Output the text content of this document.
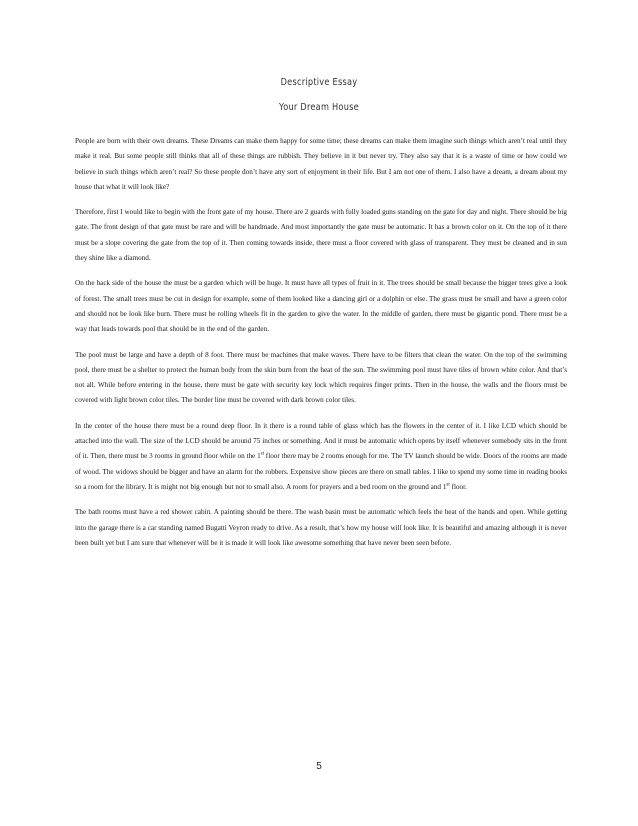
Descriptive Essay
Your Dream House

People are born with their own dreams. These Dreams can make them happy for some time; these dreams can make them imagine such things which aren’t real until they make it real. But some people still thinks that all of these things are rubbish. They believe in it but never try. They also say that it is a waste of time or how could we believe in such things which aren’t real? So these people don’t have any sort of enjoyment in their life. But I am not one of them. I also have a dream, a dream about my house that what it will look like?

Therefore, first I would like to begin with the front gate of my house. There are 2 guards with fully loaded guns standing on the gate for day and night. There should be big gate. The front design of that gate must be rare and will be handmade. And most importantly the gate must be automatic. It has a brown color on it. On the top of it there must be a slope covering the gate from the top of it. Then coming towards inside, there must a floor covered with glass of transparent. They must be cleaned and in sun they shine like a diamond.

On the back side of the house the must be a garden which will be huge. It must have all types of fruit in it. The trees should be small because the bigger trees give a look of forest. The small trees must be cut in design for example, some of them looked like a dancing girl or a dolphin or else. The grass must be small and have a green color and should not be look like burn. There must be rolling wheels fit in the garden to give the water. In the middle of garden, there must be gigantic pond. There must be a way that leads towards pool that should be in the end of the garden.

The pool must be large and have a depth of 8 foot. There must be machines that make waves. There have to be filters that clean the water. On the top of the swimming pool, there must be a shelter to protect the human body from the skin burn from the heat of the sun. The swimming pool must have tiles of brown white color. And that’s not all. While before entering in the house, there must be gate with security key lock which requires finger prints. Then in the house, the walls and the floors must be covered with light brown color tiles. The border line must be covered with dark brown color tiles.

In the center of the house there must be a round deep floor. In it there is a round table of glass which has the flowers in the center of it. I like LCD which should be attached into the wall. The size of the LCD should be around 75 inches or something. And it must be automatic which opens by itself whenever somebody sits in the front of it. Then, there must be 3 rooms in ground floor while on the 1st floor there may be 2 rooms enough for me. The TV launch should be wide. Doors of the rooms are made of wood. The widows should be bigger and have an alarm for the robbers. Expensive show pieces are there on small tables. I like to spend my some time in reading books so a room for the library. It is might not big enough but not to small also. A room for prayers and a bed room on the ground and 1st floor.

The bath rooms must have a red shower cabin. A painting should be there. The wash basin must be automatic which feels the heat of the hands and open. While getting into the garage there is a car standing named Bugatti Veyron ready to drive. As a result, that’s how my house will look like. It is beautiful and amazing although it is never been built yet but I am sure that whenever will be it is made it will look like awesome something that have never been seen before.

5
